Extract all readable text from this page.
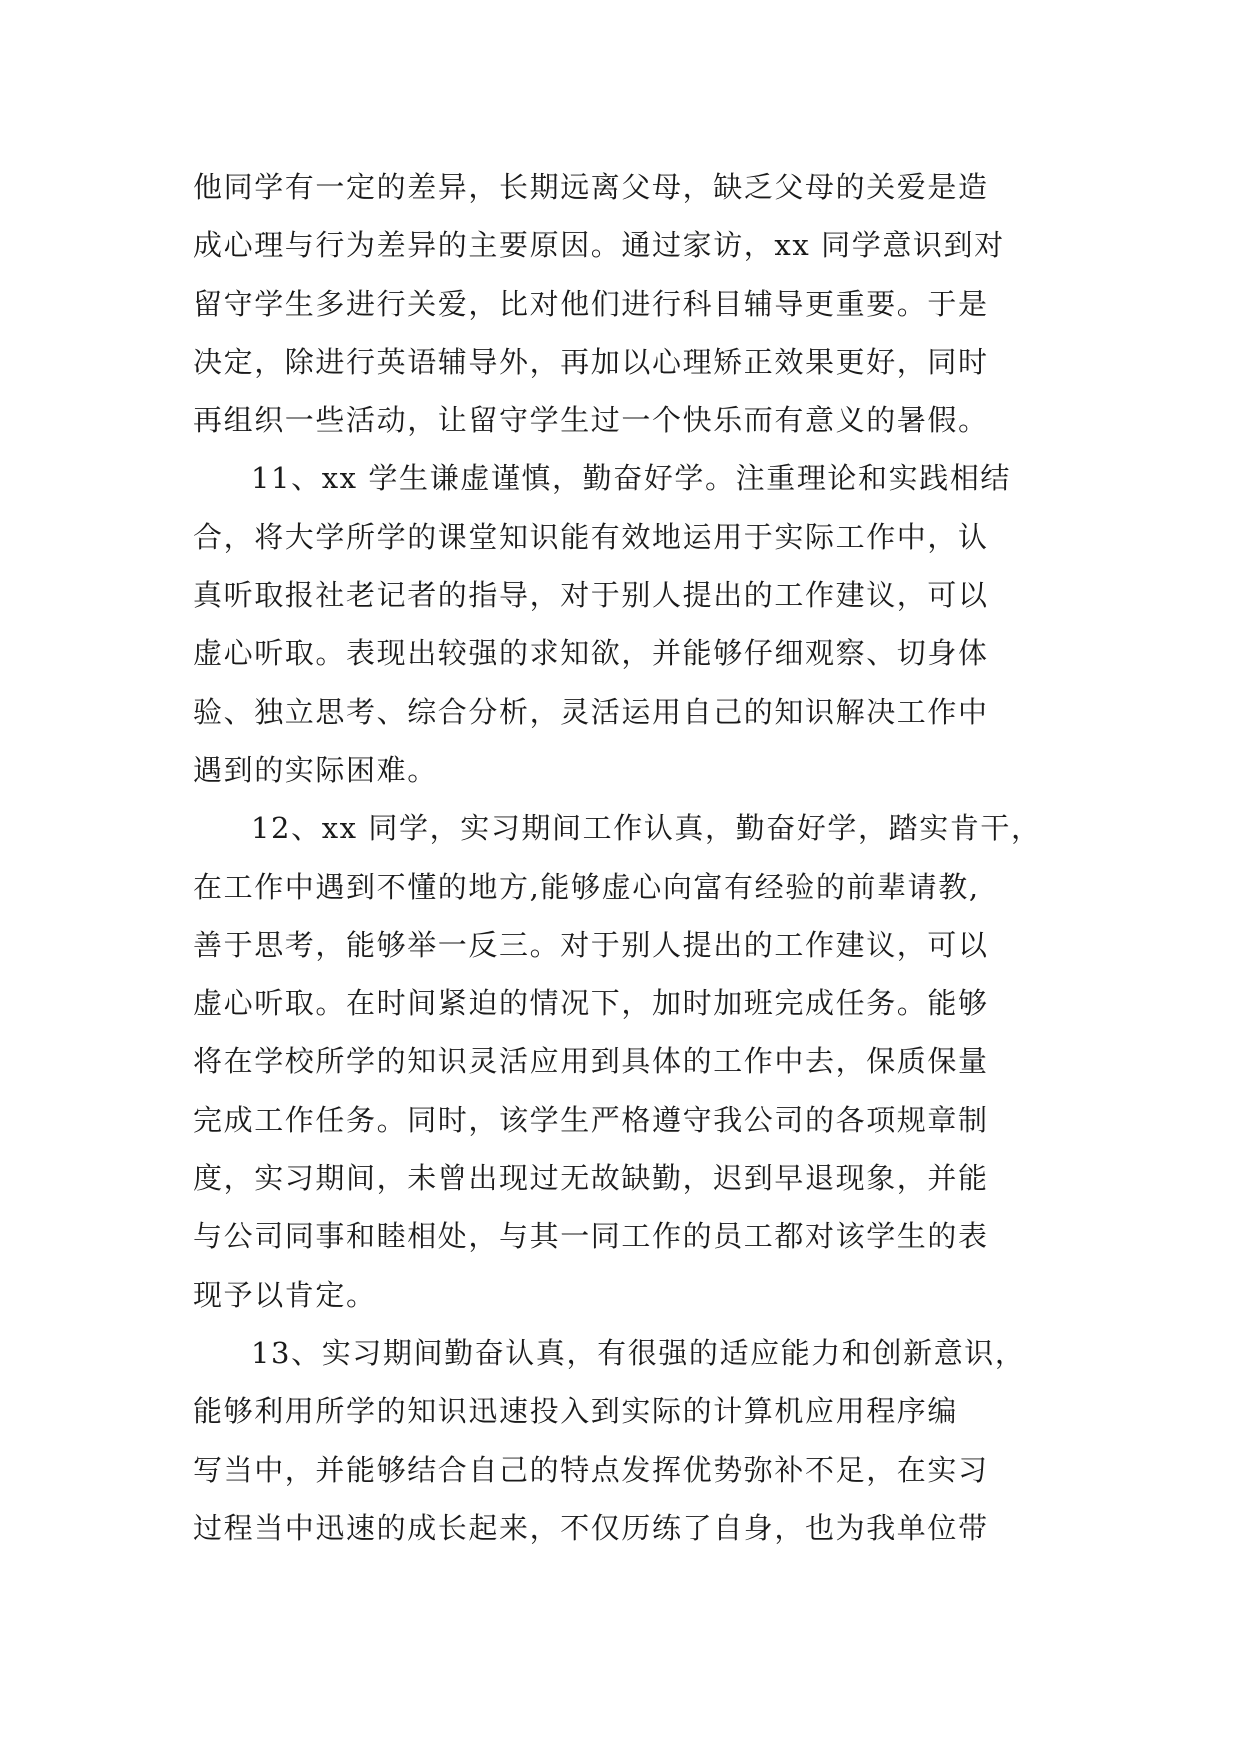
他同学有一定的差异，长期远离父母，缺乏父母的关爱是造
成心理与行为差异的主要原因。通过家访，xx 同学意识到对
留守学生多进行关爱，比对他们进行科目辅导更重要。于是
决定，除进行英语辅导外，再加以心理矫正效果更好，同时
再组织一些活动，让留守学生过一个快乐而有意义的暑假。
11、xx 学生谦虚谨慎，勤奋好学。注重理论和实践相结
合，将大学所学的课堂知识能有效地运用于实际工作中，认
真听取报社老记者的指导，对于别人提出的工作建议，可以
虚心听取。表现出较强的求知欲，并能够仔细观察、切身体
验、独立思考、综合分析，灵活运用自己的知识解决工作中
遇到的实际困难。
12、xx 同学，实习期间工作认真，勤奋好学，踏实肯干，
在工作中遇到不懂的地方,能够虚心向富有经验的前辈请教,
善于思考，能够举一反三。对于别人提出的工作建议，可以
虚心听取。在时间紧迫的情况下，加时加班完成任务。能够
将在学校所学的知识灵活应用到具体的工作中去，保质保量
完成工作任务。同时，该学生严格遵守我公司的各项规章制
度，实习期间，未曾出现过无故缺勤，迟到早退现象，并能
与公司同事和睦相处，与其一同工作的员工都对该学生的表
现予以肯定。
13、实习期间勤奋认真，有很强的适应能力和创新意识，
能够利用所学的知识迅速投入到实际的计算机应用程序编
写当中，并能够结合自己的特点发挥优势弥补不足，在实习
过程当中迅速的成长起来，不仅历练了自身，也为我单位带
